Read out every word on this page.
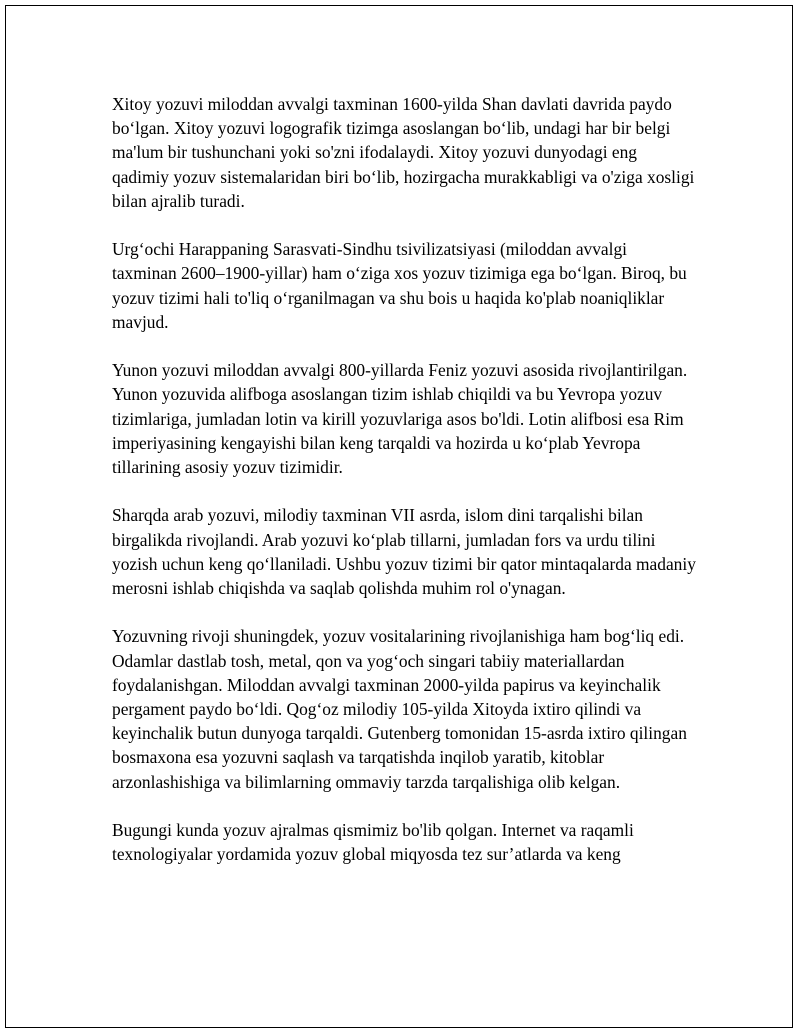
Xitoy yozuvi miloddan avvalgi taxminan 1600-yilda Shan davlati davrida paydo bo‘lgan. Xitoy yozuvi logografik tizimga asoslangan bo‘lib, undagi har bir belgi ma'lum bir tushunchani yoki so'zni ifodalaydi. Xitoy yozuvi dunyodagi eng qadimiy yozuv sistemalaridan biri bo‘lib, hozirgacha murakkabligi va o'ziga xosligi bilan ajralib turadi.

Urg‘ochi Harappaning Sarasvati-Sindhu tsivilizatsiyasi (miloddan avvalgi taxminan 2600–1900-yillar) ham o‘ziga xos yozuv tizimiga ega bo‘lgan. Biroq, bu yozuv tizimi hali to'liq o‘rganilmagan va shu bois u haqida ko'plab noaniqliklar mavjud.

Yunon yozuvi miloddan avvalgi 800-yillarda Feniz yozuvi asosida rivojlantirilgan. Yunon yozuvida alifboga asoslangan tizim ishlab chiqildi va bu Yevropa yozuv tizimlariga, jumladan lotin va kirill yozuvlariga asos bo'ldi. Lotin alifbosi esa Rim imperiyasining kengayishi bilan keng tarqaldi va hozirda u ko‘plab Yevropa tillarining asosiy yozuv tizimidir.

Sharqda arab yozuvi, milodiy taxminan VII asrda, islom dini tarqalishi bilan birgalikda rivojlandi. Arab yozuvi ko‘plab tillarni, jumladan fors va urdu tilini yozish uchun keng qo‘llaniladi. Ushbu yozuv tizimi bir qator mintaqalarda madaniy merosni ishlab chiqishda va saqlab qolishda muhim rol o'ynagan.

Yozuvning rivoji shuningdek, yozuv vositalarining rivojlanishiga ham bog‘liq edi. Odamlar dastlab tosh, metal, qon va yog‘och singari tabiiy materiallardan foydalanishgan. Miloddan avvalgi taxminan 2000-yilda papirus va keyinchalik pergament paydo bo‘ldi. Qog‘oz milodiy 105-yilda Xitoyda ixtiro qilindi va keyinchalik butun dunyoga tarqaldi. Gutenberg tomonidan 15-asrda ixtiro qilingan bosmaxona esa yozuvni saqlash va tarqatishda inqilob yaratib, kitoblar arzonlashishiga va bilimlarning ommaviy tarzda tarqalishiga olib kelgan.

Bugungi kunda yozuv ajralmas qismimiz bo'lib qolgan. Internet va raqamli texnologiyalar yordamida yozuv global miqyosda tez sur’atlarda va keng
